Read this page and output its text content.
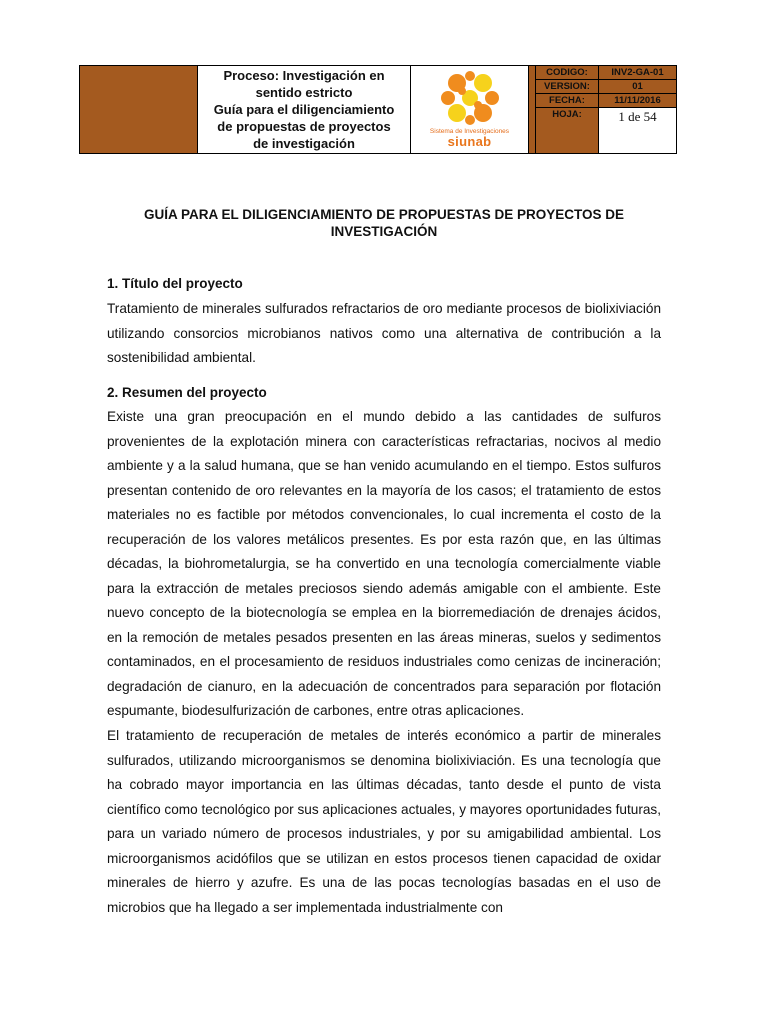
Proceso: Investigación en
sentido estricto
Guía para el diligenciamiento
de propuestas de proyectos
de investigación
Sistema de Investigaciones
siunab
CODIGO:	INV2-GA-01
VERSION:	01
FECHA:	11/11/2016
HOJA:	1 de 54
GUÍA PARA EL DILIGENCIAMIENTO DE PROPUESTAS DE PROYECTOS DE INVESTIGACIÓN
1. Título del proyecto

Tratamiento de minerales sulfurados refractarios de oro mediante procesos de biolixiviación utilizando consorcios microbianos nativos como una alternativa de contribución a la sostenibilidad ambiental.

2. Resumen del proyecto

Existe una gran preocupación en el mundo debido a las cantidades de sulfuros provenientes de la explotación minera con características refractarias, nocivos al medio ambiente y a la salud humana, que se han venido acumulando en el tiempo. Estos sulfuros presentan contenido de oro relevantes en la mayoría de los casos; el tratamiento de estos materiales no es factible por métodos convencionales, lo cual incrementa el costo de la recuperación de los valores metálicos presentes. Es por esta razón que, en las últimas décadas, la biohrometalurgia, se ha convertido en una tecnología comercialmente viable para la extracción de metales preciosos siendo además amigable con el ambiente. Este nuevo concepto de la biotecnología se emplea en la biorremediación de drenajes ácidos, en la remoción de metales pesados presenten en las áreas mineras, suelos y sedimentos contaminados, en el procesamiento de residuos industriales como cenizas de incineración; degradación de cianuro, en la adecuación de concentrados para separación por flotación espumante, biodesulfurización de carbones, entre otras aplicaciones.

El tratamiento de recuperación de metales de interés económico a partir de minerales sulfurados, utilizando microorganismos se denomina biolixiviación. Es una tecnología que ha cobrado mayor importancia en las últimas décadas, tanto desde el punto de vista científico como tecnológico por sus aplicaciones actuales, y mayores oportunidades futuras, para un variado número de procesos industriales, y por su amigabilidad ambiental. Los microorganismos acidófilos que se utilizan en estos procesos tienen capacidad de oxidar minerales de hierro y azufre. Es una de las pocas tecnologías basadas en el uso de microbios que ha llegado a ser implementada industrialmente con
